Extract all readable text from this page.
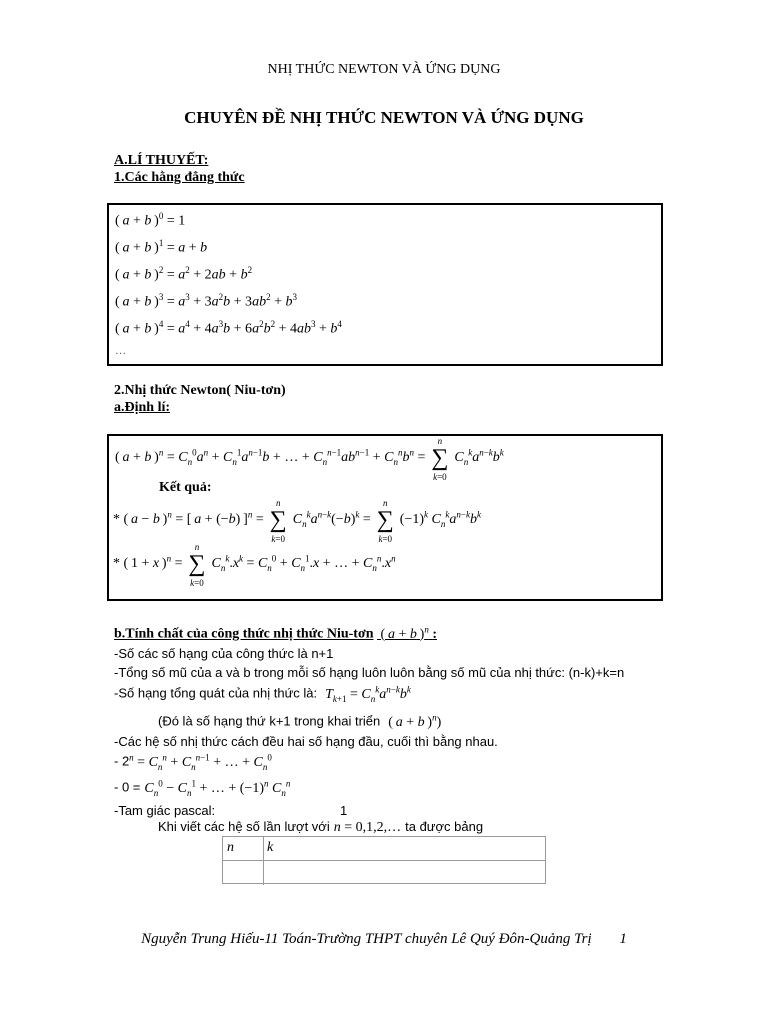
NHỊ THỨC NEWTON VÀ ỨNG DỤNG
CHUYÊN ĐỀ NHỊ THỨC NEWTON VÀ ỨNG DỤNG
A.LÍ THUYẾT:
1.Các hằng đẳng thức
( a + b )$^0$ = 1
( a + b )$^1$ = a + b
( a + b )$^2 = a^2 + 2ab + b^2$
( a + b )$^3 = a^3 + 3a^2b + 3ab^2 + b^3$
( a + b )$^4 = a^4 + 4a^3b + 6a^2b^2 + 4ab^3 + b^4$
…
2.Nhị thức Newton( Niu-tơn)
a.Định lí:
( a + b )$^n = C_n^0a^n + C_n^1a^{n-1}b$ + … + $C_n^{n-1}ab^{n-1} + C_n^nb^n$ =
n
∑
k=0
$C_n^ka^{n-k}b^k$
Kết quả:
* ( a − b )$^n$ = [ a + (−b) ]$^n$ =
n
∑
k=0
$C_n^ka^{n-k}(-b)^k$ =
n
∑
k=0
$(-1)^k$ $C_n^ka^{n-k}b^k$
* ( 1 + x )$^n$ =
n
∑
k=0
$C_n^k.x^k = C_n^0 + C_n^1.x$ + … + $C_n^n.x^n$
b.Tính chất của công thức nhị thức Niu-tơn  ( a + b )$^n$ :
-Số các số hạng của công thức là n+1
-Tổng số mũ của a và b trong mỗi số hạng luôn luôn bằng số mũ của nhị thức: (n-k)+k=n
-Số hạng tổng quát của nhị thức là: $T_{k+1} = C_n^ka^{n-k}b^k$
(Đó là số hạng thứ k+1 trong khai triển ( a + b )$^n$)
-Các hệ số nhị thức cách đều hai số hạng đầu, cuối thì bằng nhau.
- $2^n = C_n^n + C_n^{n-1}$ + … + $C_n^0$
- $0 = C_n^0 - C_n^1$ + … + $(-1)^n$ $C_n^n$
-Tam giác pascal:	1
Khi viết các hệ số lần lượt với n = 0,1,2,… ta được bảng
n k
Nguyễn Trung Hiếu-11 Toán-Trường THPT chuyên Lê Quý Đôn-Quảng Trị 1
